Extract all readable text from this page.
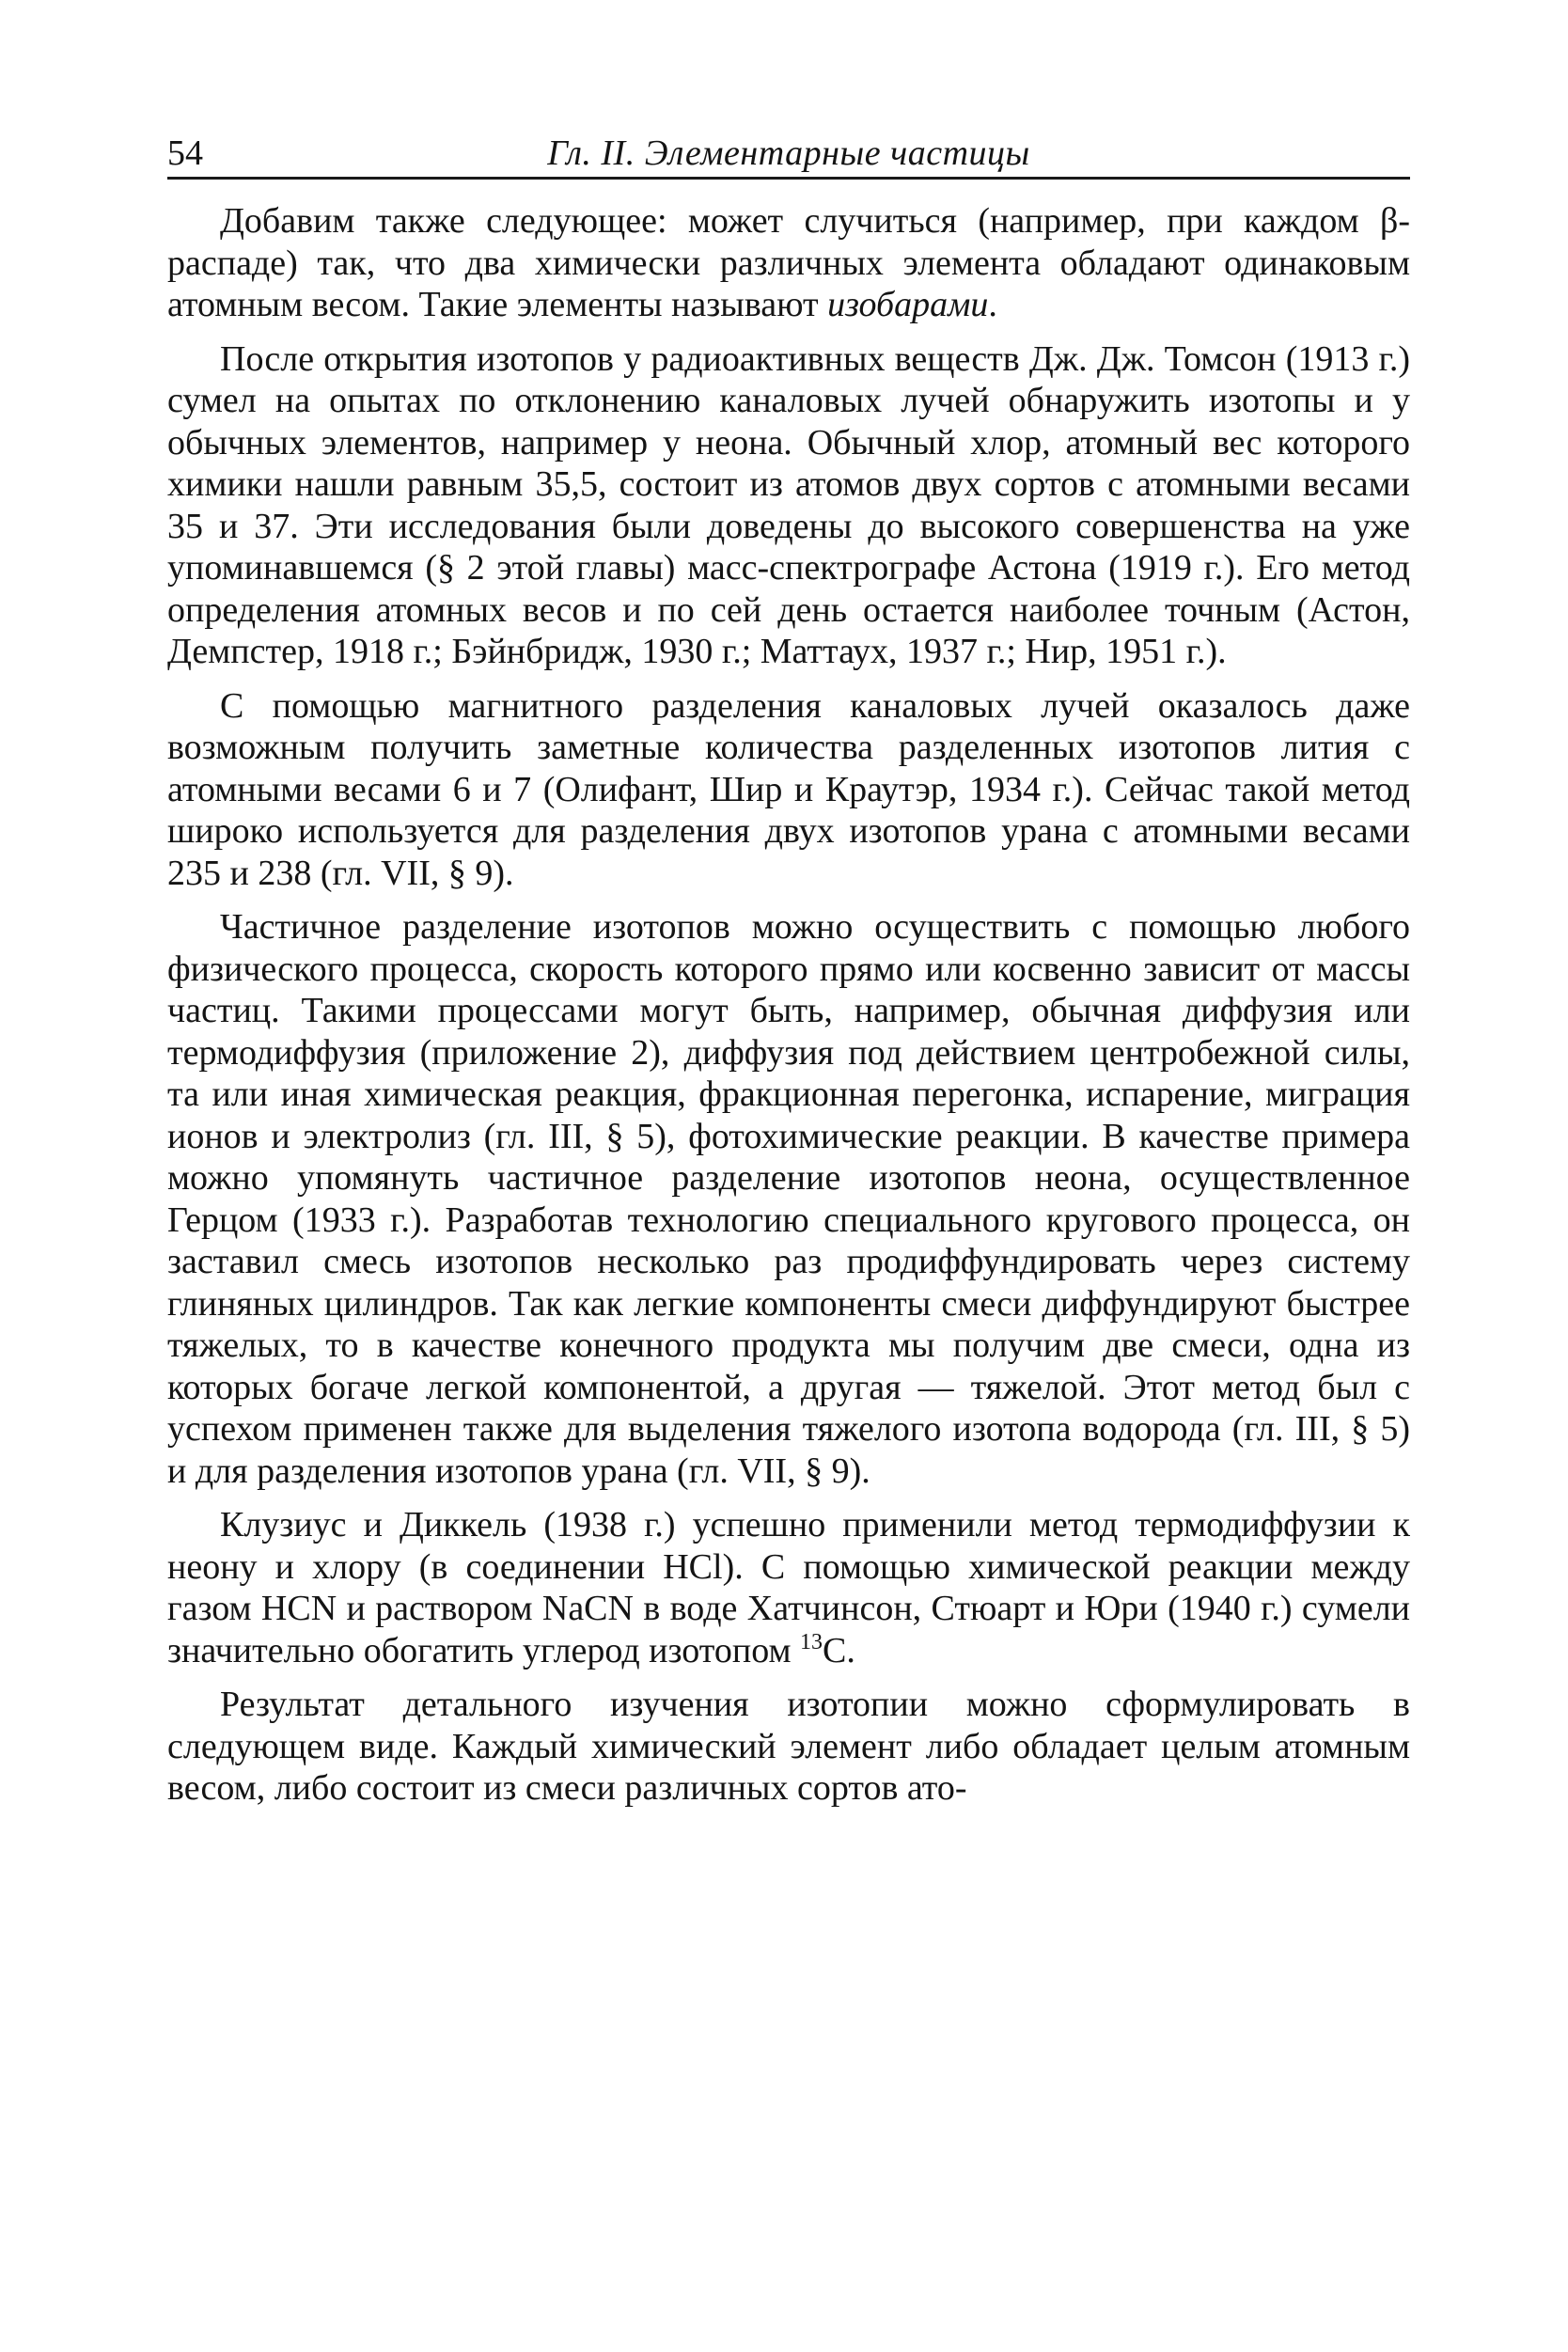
54	Гл. II. Элементарные частицы

Добавим также следующее: может случиться (например, при каждом β-распаде) так, что два химически различных элемента обладают одинаковым атомным весом. Такие элементы называют изобарами.

После открытия изотопов у радиоактивных веществ Дж. Дж. Томсон (1913 г.) сумел на опытах по отклонению каналовых лучей обнаружить изотопы и у обычных элементов, например у неона. Обычный хлор, атомный вес которого химики нашли равным 35,5, состоит из атомов двух сортов с атомными весами 35 и 37. Эти исследования были доведены до высокого совершенства на уже упоминавшемся (§ 2 этой главы) масс-спектрографе Астона (1919 г.). Его метод определения атомных весов и по сей день остается наиболее точным (Астон, Демпстер, 1918 г.; Бэйнбридж, 1930 г.; Маттаух, 1937 г.; Нир, 1951 г.).

С помощью магнитного разделения каналовых лучей оказалось даже возможным получить заметные количества разделенных изотопов лития с атомными весами 6 и 7 (Олифант, Шир и Краутэр, 1934 г.). Сейчас такой метод широко используется для разделения двух изотопов урана с атомными весами 235 и 238 (гл. VII, § 9).

Частичное разделение изотопов можно осуществить с помощью любого физического процесса, скорость которого прямо или косвенно зависит от массы частиц. Такими процессами могут быть, например, обычная диффузия или термодиффузия (приложение 2), диффузия под действием центробежной силы, та или иная химическая реакция, фракционная перегонка, испарение, миграция ионов и электролиз (гл. III, § 5), фотохимические реакции. В качестве примера можно упомянуть частичное разделение изотопов неона, осуществленное Герцом (1933 г.). Разработав технологию специального кругового процесса, он заставил смесь изотопов несколько раз продиффундировать через систему глиняных цилиндров. Так как легкие компоненты смеси диффундируют быстрее тяжелых, то в качестве конечного продукта мы получим две смеси, одна из которых богаче легкой компонентой, а другая — тяжелой. Этот метод был с успехом применен также для выделения тяжелого изотопа водорода (гл. III, § 5) и для разделения изотопов урана (гл. VII, § 9).

Клузиус и Диккель (1938 г.) успешно применили метод термодиффузии к неону и хлору (в соединении HCl). С помощью химической реакции между газом HCN и раствором NaCN в воде Хатчинсон, Стюарт и Юри (1940 г.) сумели значительно обогатить углерод изотопом $^{13}$C.

Результат детального изучения изотопии можно сформулировать в следующем виде. Каждый химический элемент либо обладает целым атомным весом, либо состоит из смеси различных сортов ато-
